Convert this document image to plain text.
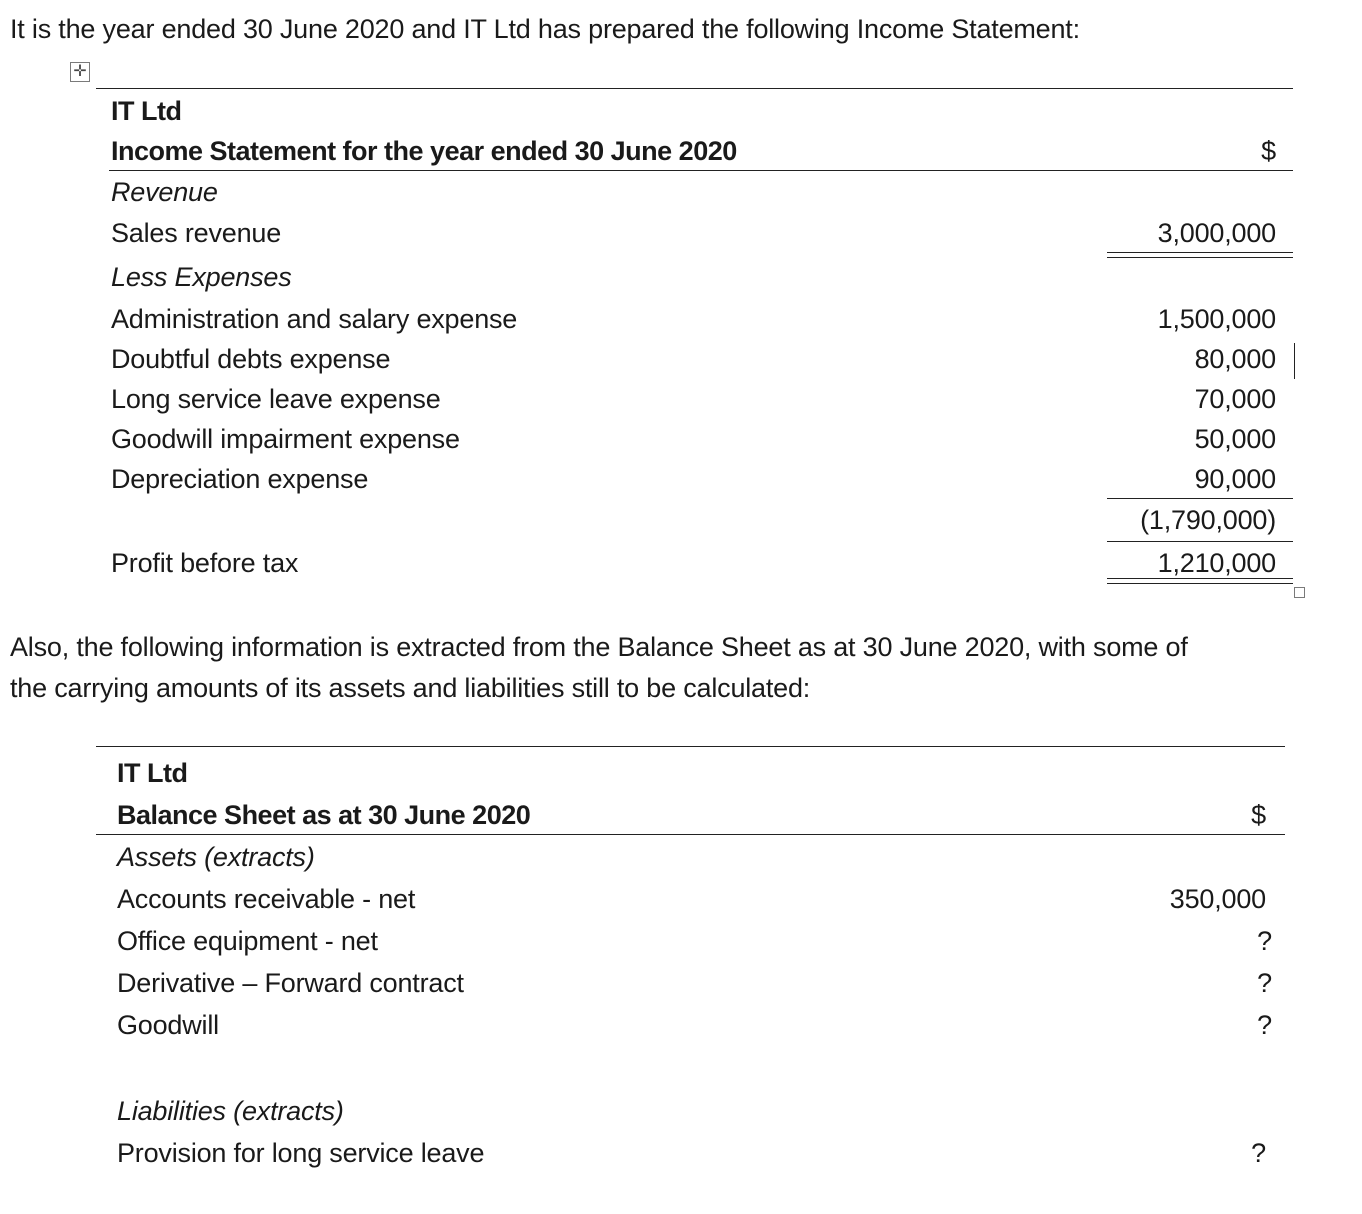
It is the year ended 30 June 2020 and IT Ltd has prepared the following Income Statement:
✛
IT Ltd
Income Statement for the year ended 30 June 2020	$
Revenue
Sales revenue	3,000,000
Less Expenses
Administration and salary expense	1,500,000
Doubtful debts expense	80,000
Long service leave expense	70,000
Goodwill impairment expense	50,000
Depreciation expense	90,000
(1,790,000)
Profit before tax	1,210,000
Also, the following information is extracted from the Balance Sheet as at 30 June 2020, with some of
the carrying amounts of its assets and liabilities still to be calculated:
IT Ltd
Balance Sheet as at 30 June 2020	$
Assets (extracts)
Accounts receivable - net	350,000
Office equipment - net	?
Derivative – Forward contract	?
Goodwill	?
Liabilities (extracts)
Provision for long service leave	?
